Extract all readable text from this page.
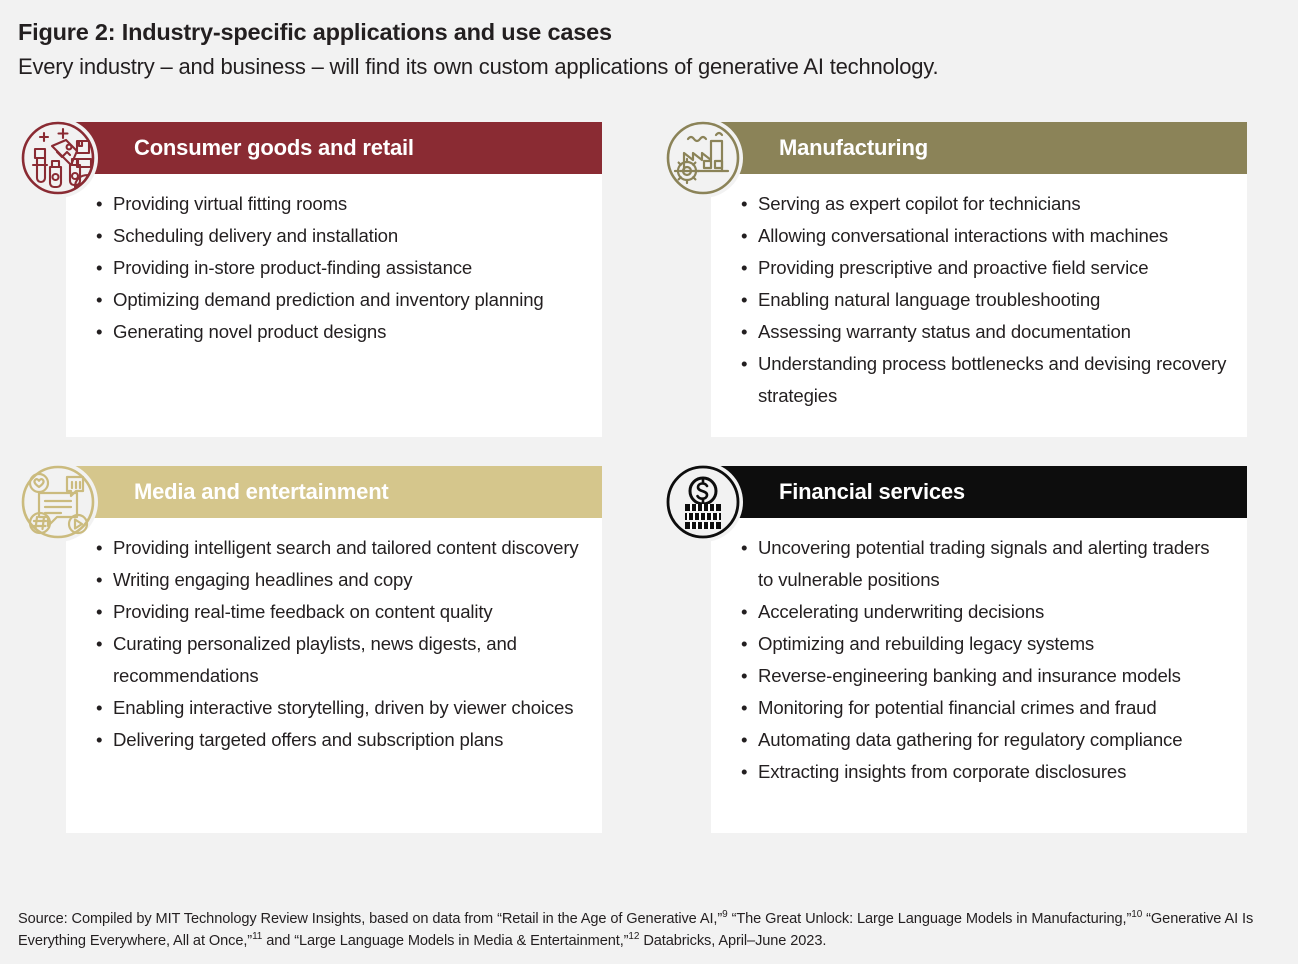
Figure 2: Industry-specific applications and use cases
Every industry – and business – will find its own custom applications of generative AI technology.
Consumer goods and retail
• Providing virtual fitting rooms
• Scheduling delivery and installation
• Providing in-store product-finding assistance
• Optimizing demand prediction and inventory planning
• Generating novel product designs
Manufacturing
• Serving as expert copilot for technicians
• Allowing conversational interactions with machines
• Providing prescriptive and proactive field service
• Enabling natural language troubleshooting
• Assessing warranty status and documentation
• Understanding process bottlenecks and devising recovery strategies
Media and entertainment
• Providing intelligent search and tailored content discovery
• Writing engaging headlines and copy
• Providing real-time feedback on content quality
• Curating personalized playlists, news digests, and recommendations
• Enabling interactive storytelling, driven by viewer choices
• Delivering targeted offers and subscription plans
Financial services
• Uncovering potential trading signals and alerting traders to vulnerable positions
• Accelerating underwriting decisions
• Optimizing and rebuilding legacy systems
• Reverse-engineering banking and insurance models
• Monitoring for potential financial crimes and fraud
• Automating data gathering for regulatory compliance
• Extracting insights from corporate disclosures
Source: Compiled by MIT Technology Review Insights, based on data from “Retail in the Age of Generative AI,”$^9$ “The Great Unlock: Large Language Models in Manufacturing,”$^{10}$ “Generative AI Is Everything Everywhere, All at Once,”$^{11}$ and “Large Language Models in Media & Entertainment,”$^{12}$ Databricks, April–June 2023.
